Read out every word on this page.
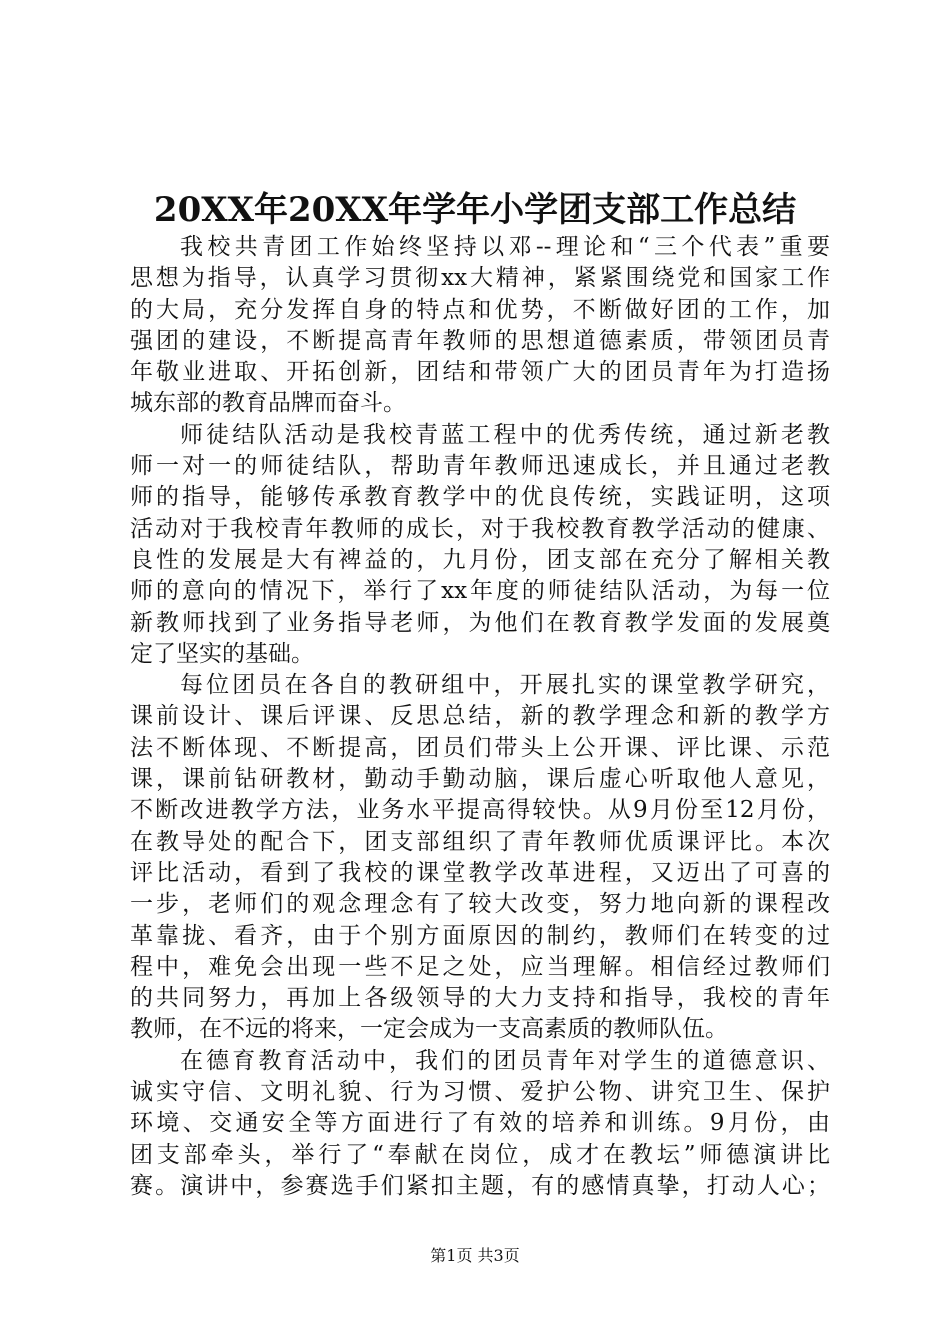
20XX年20XX年学年小学团支部工作总结
我校共青团工作始终坚持以邓--理论和“三个代表”重要
思想为指导，认真学习贯彻xx大精神，紧紧围绕党和国家工作
的大局，充分发挥自身的特点和优势，不断做好团的工作，加
强团的建设，不断提高青年教师的思想道德素质，带领团员青
年敬业进取、开拓创新，团结和带领广大的团员青年为打造扬
城东部的教育品牌而奋斗。
师徒结队活动是我校青蓝工程中的优秀传统，通过新老教
师一对一的师徒结队，帮助青年教师迅速成长，并且通过老教
师的指导，能够传承教育教学中的优良传统，实践证明，这项
活动对于我校青年教师的成长，对于我校教育教学活动的健康、
良性的发展是大有裨益的，九月份，团支部在充分了解相关教
师的意向的情况下，举行了xx年度的师徒结队活动，为每一位
新教师找到了业务指导老师，为他们在教育教学发面的发展奠
定了坚实的基础。
每位团员在各自的教研组中，开展扎实的课堂教学研究，
课前设计、课后评课、反思总结，新的教学理念和新的教学方
法不断体现、不断提高，团员们带头上公开课、评比课、示范
课，课前钻研教材，勤动手勤动脑，课后虚心听取他人意见，
不断改进教学方法，业务水平提高得较快。从9月份至12月份，
在教导处的配合下，团支部组织了青年教师优质课评比。本次
评比活动，看到了我校的课堂教学改革进程，又迈出了可喜的
一步，老师们的观念理念有了较大改变，努力地向新的课程改
革靠拢、看齐，由于个别方面原因的制约，教师们在转变的过
程中，难免会出现一些不足之处，应当理解。相信经过教师们
的共同努力，再加上各级领导的大力支持和指导，我校的青年
教师，在不远的将来，一定会成为一支高素质的教师队伍。
在德育教育活动中，我们的团员青年对学生的道德意识、
诚实守信、文明礼貌、行为习惯、爱护公物、讲究卫生、保护
环境、交通安全等方面进行了有效的培养和训练。9月份，由
团支部牵头，举行了“奉献在岗位，成才在教坛”师德演讲比
赛。演讲中，参赛选手们紧扣主题，有的感情真挚，打动人心；
第1页 共3页
